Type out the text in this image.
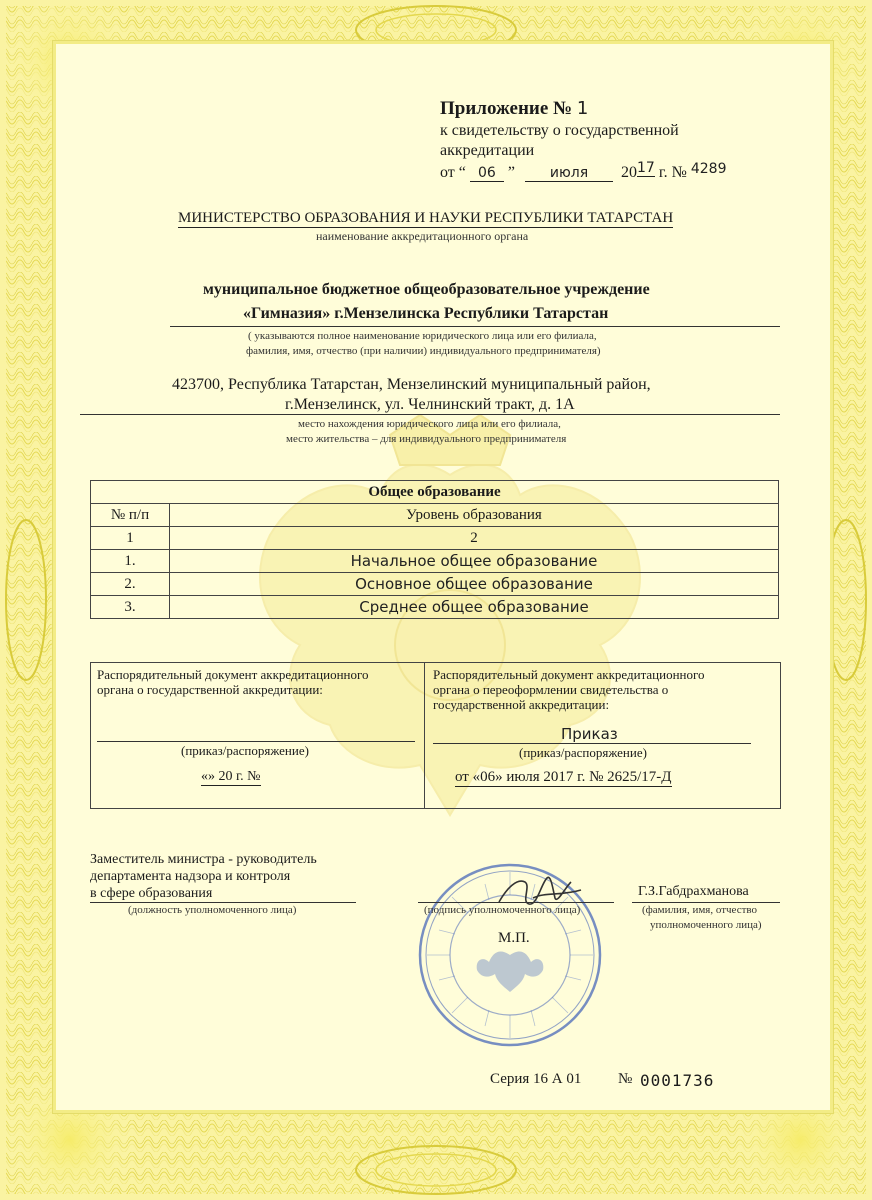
Приложение № 1
к свидетельству о государственной
аккредитации
от “ 06 ” июля 2017 г. № 4289
МИНИСТЕРСТВО ОБРАЗОВАНИЯ И НАУКИ РЕСПУБЛИКИ ТАТАРСТАН
наименование аккредитационного органа
муниципальное бюджетное общеобразовательное учреждение
«Гимназия» г.Мензелинска Республики Татарстан
( указываются полное наименование юридического лица или его филиала,
фамилия, имя, отчество (при наличии) индивидуального предпринимателя)
423700, Республика Татарстан, Мензелинский муниципальный район,
г.Мензелинск, ул. Челнинский тракт, д. 1А
место нахождения юридического лица или его филиала,
место жительства – для индивидуального предпринимателя
Общее образование	
№ п/п	Уровень образования
1	2
1.	Начальное общее образование
2.	Основное общее образование
3.	Среднее общее образование
Распорядительный документ аккредитационного
органа о государственной аккредитации:
(приказ/распоряжение)
«» 20 г. №
Распорядительный документ аккредитационного
органа о переоформлении свидетельства о
государственной аккредитации:
Приказ
(приказ/распоряжение)
от «06» июля 2017 г. № 2625/17-Д
Заместитель министра - руководитель
департамента надзора и контроля
в сфере образования
(должность уполномоченного лица)
М.П.
(подпись уполномоченного лица)
Г.З.Габдрахманова
(фамилия, имя, отчество
уполномоченного лица)
Серия 16 А 01 № 0001736
